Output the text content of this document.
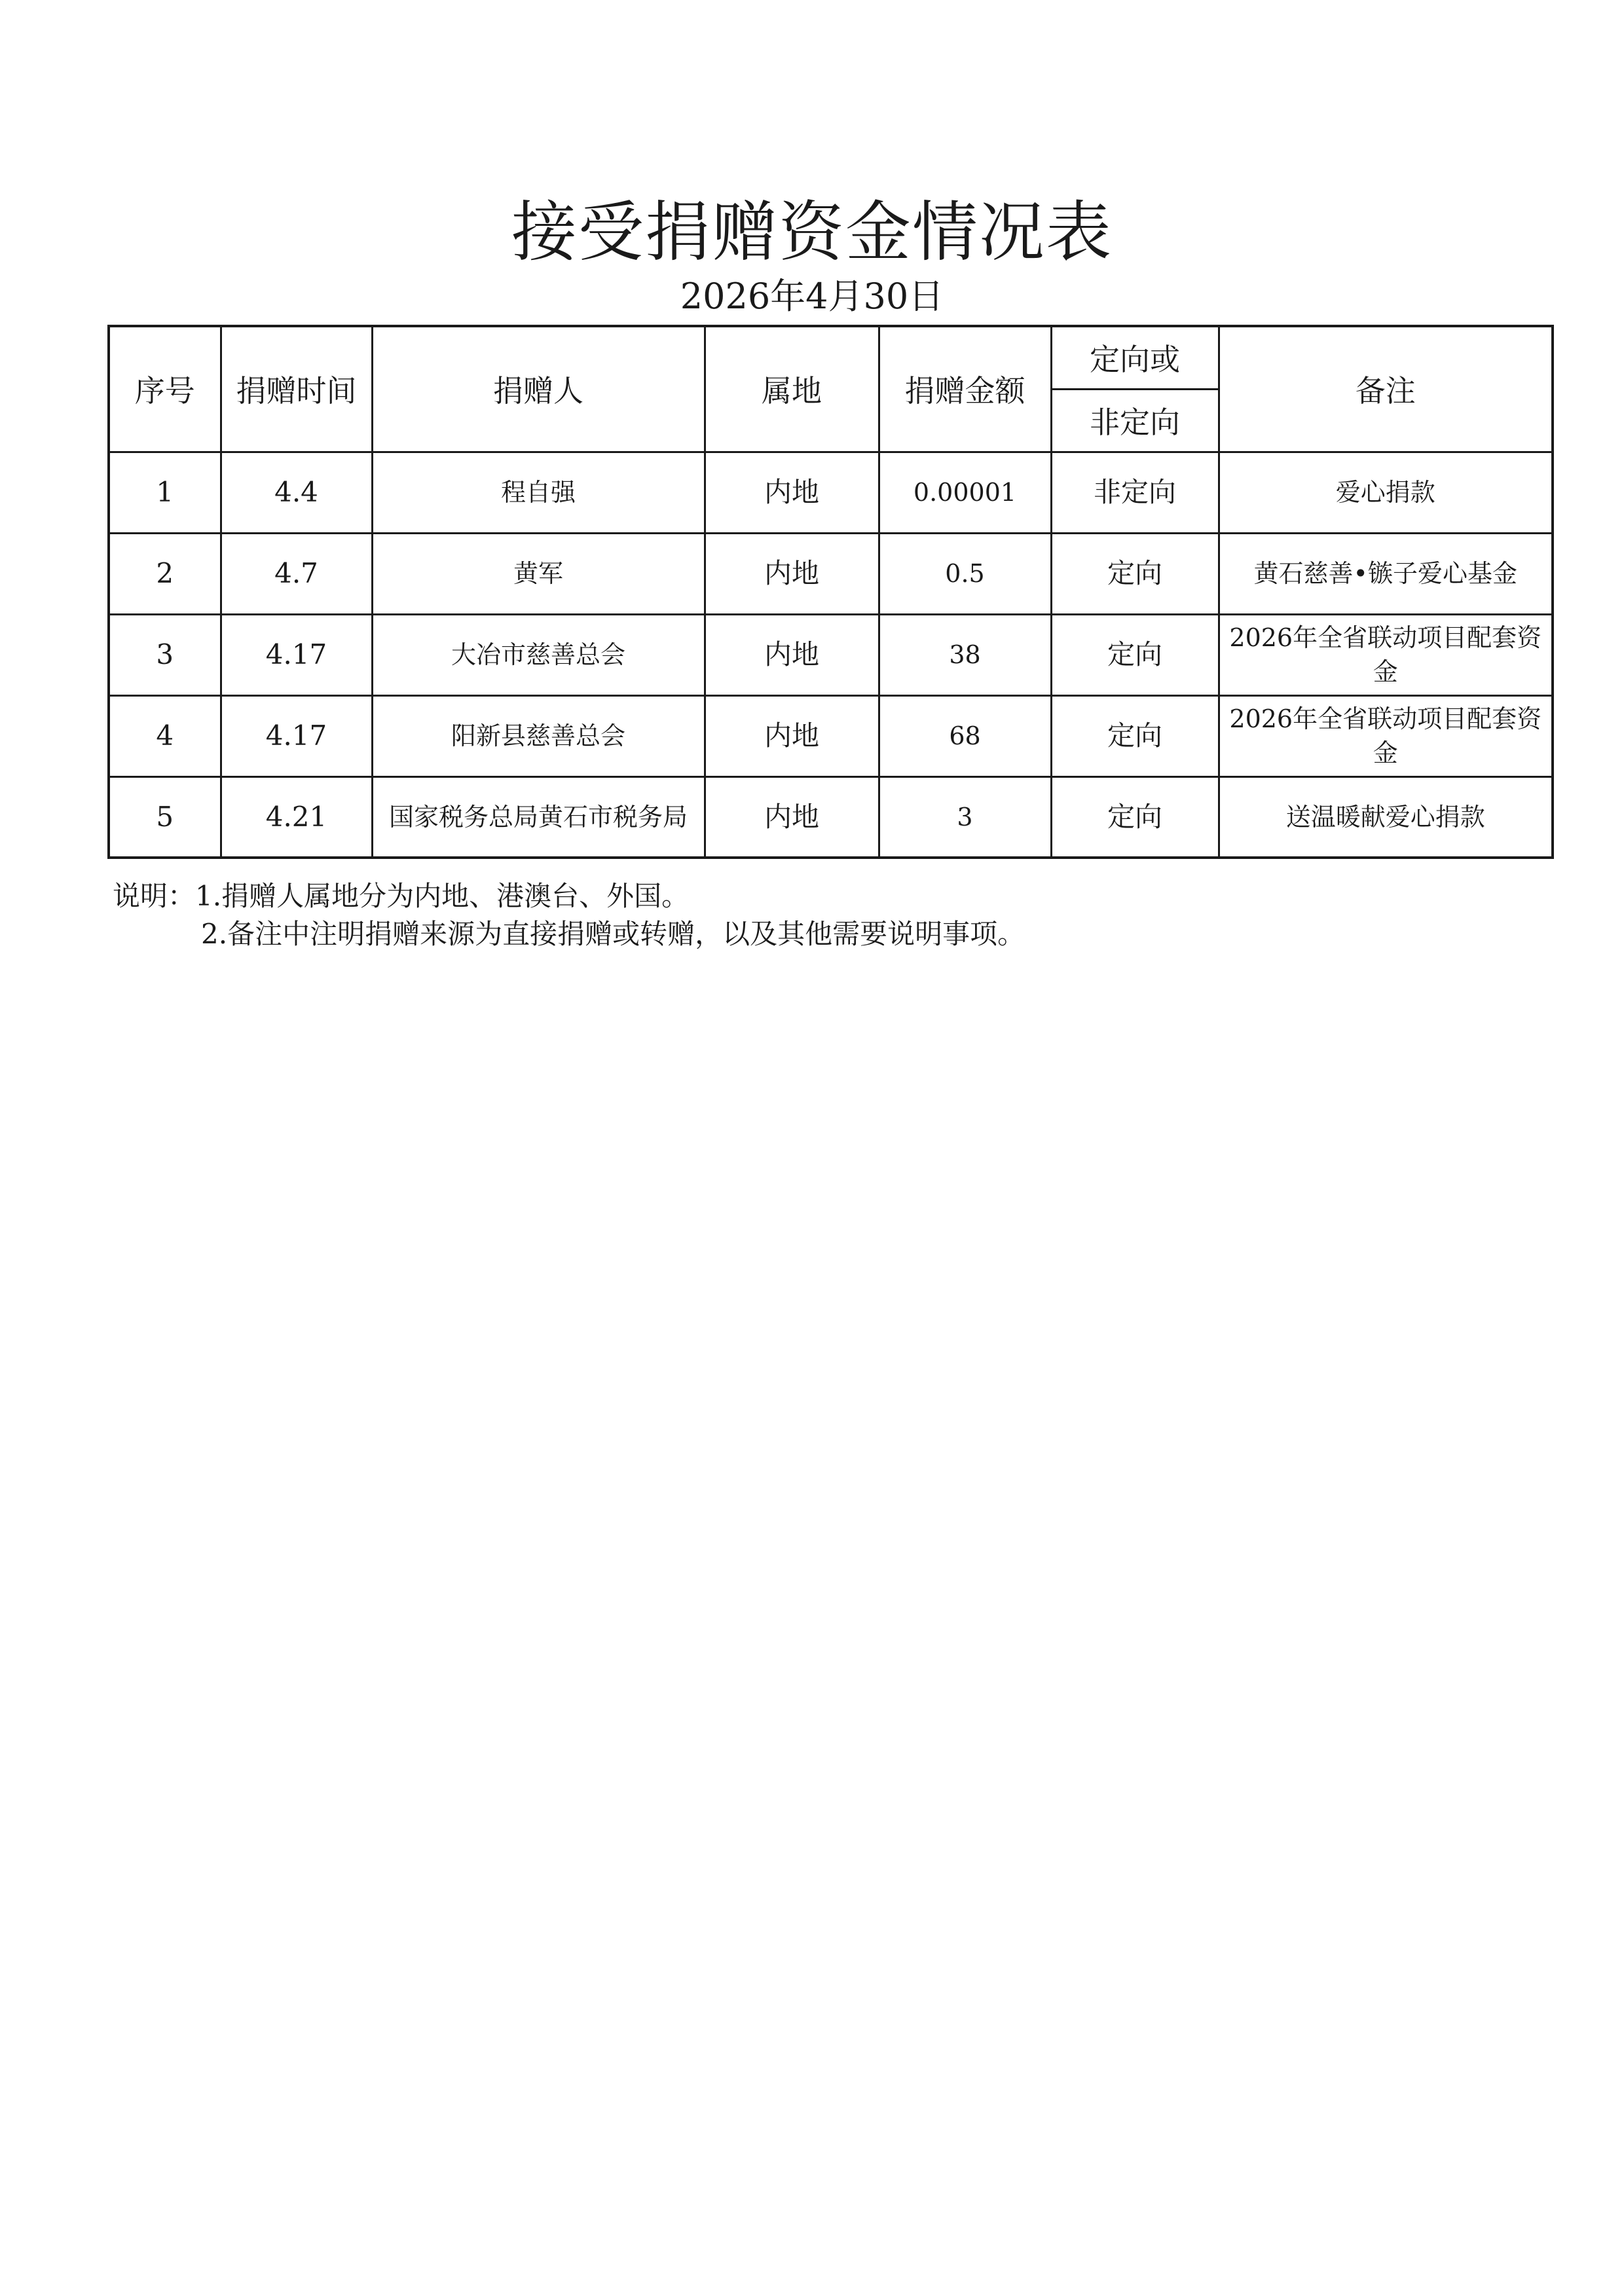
接受捐赠资金情况表
2026年4月30日
序号	捐赠时间	捐赠人	属地	捐赠金额	定向或	备注
					非定向	
1	4.4	程自强	内地	0.00001	非定向	爱心捐款
2	4.7	黄军	内地	0.5	定向	黄石慈善•镞子爱心基金
3	4.17	大冶市慈善总会	内地	38	定向	2026年全省联动项目配套资金
4	4.17	阳新县慈善总会	内地	68	定向	2026年全省联动项目配套资金
5	4.21	国家税务总局黄石市税务局	内地	3	定向	送温暖献爱心捐款
说明：1.捐赠人属地分为内地、港澳台、外国。
2.备注中注明捐赠来源为直接捐赠或转赠，以及其他需要说明事项。
